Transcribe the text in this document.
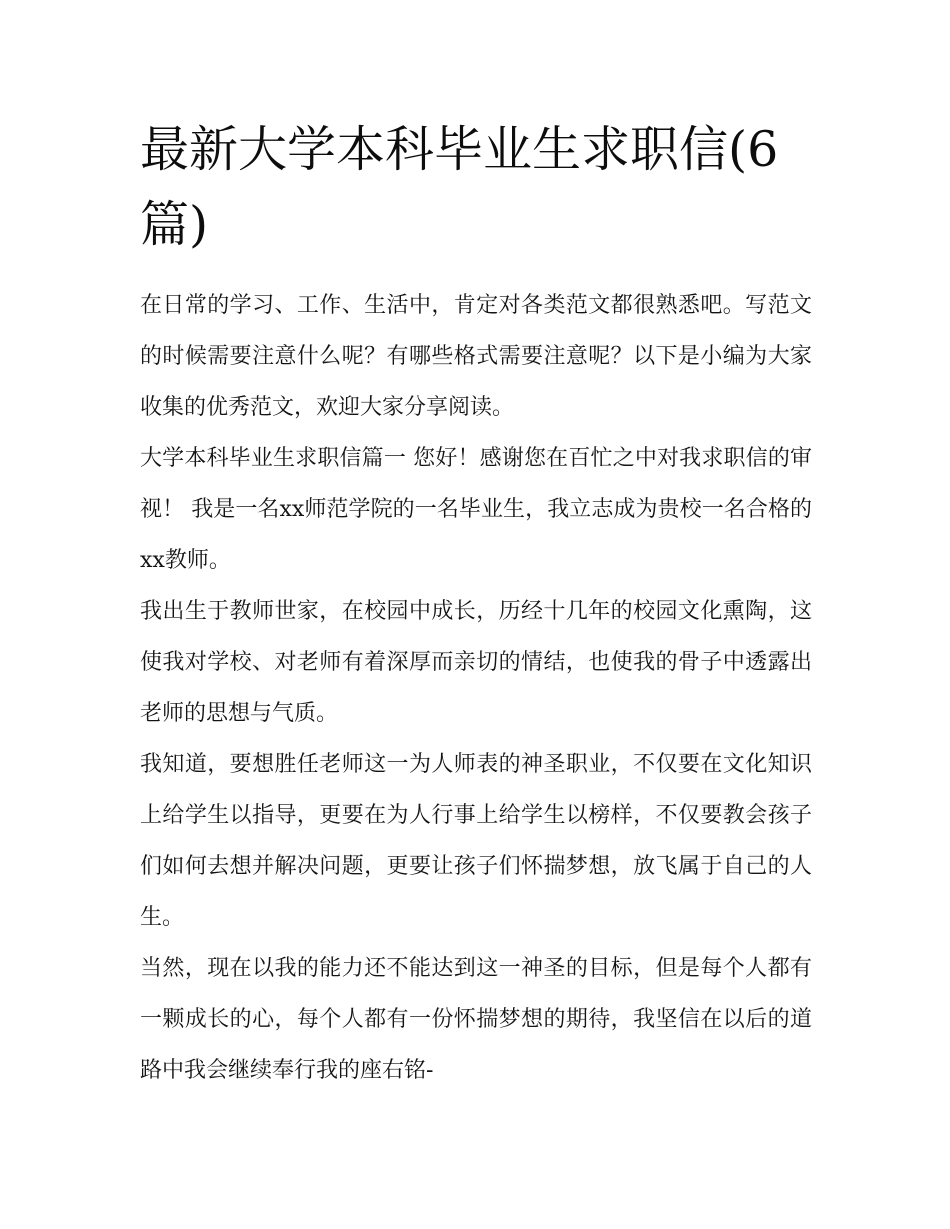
最新大学本科毕业生求职信(6篇)

在日常的学习、工作、生活中，肯定对各类范文都很熟悉吧。写范文的时候需要注意什么呢？有哪些格式需要注意呢？以下是小编为大家收集的优秀范文，欢迎大家分享阅读。

大学本科毕业生求职信篇一 您好！感谢您在百忙之中对我求职信的审视！ 我是一名xx师范学院的一名毕业生，我立志成为贵校一名合格的xx教师。

我出生于教师世家，在校园中成长，历经十几年的校园文化熏陶，这使我对学校、对老师有着深厚而亲切的情结，也使我的骨子中透露出老师的思想与气质。

我知道，要想胜任老师这一为人师表的神圣职业，不仅要在文化知识上给学生以指导，更要在为人行事上给学生以榜样，不仅要教会孩子们如何去想并解决问题，更要让孩子们怀揣梦想，放飞属于自己的人生。

当然，现在以我的能力还不能达到这一神圣的目标，但是每个人都有一颗成长的心，每个人都有一份怀揣梦想的期待，我坚信在以后的道路中我会继续奉行我的座右铭-
